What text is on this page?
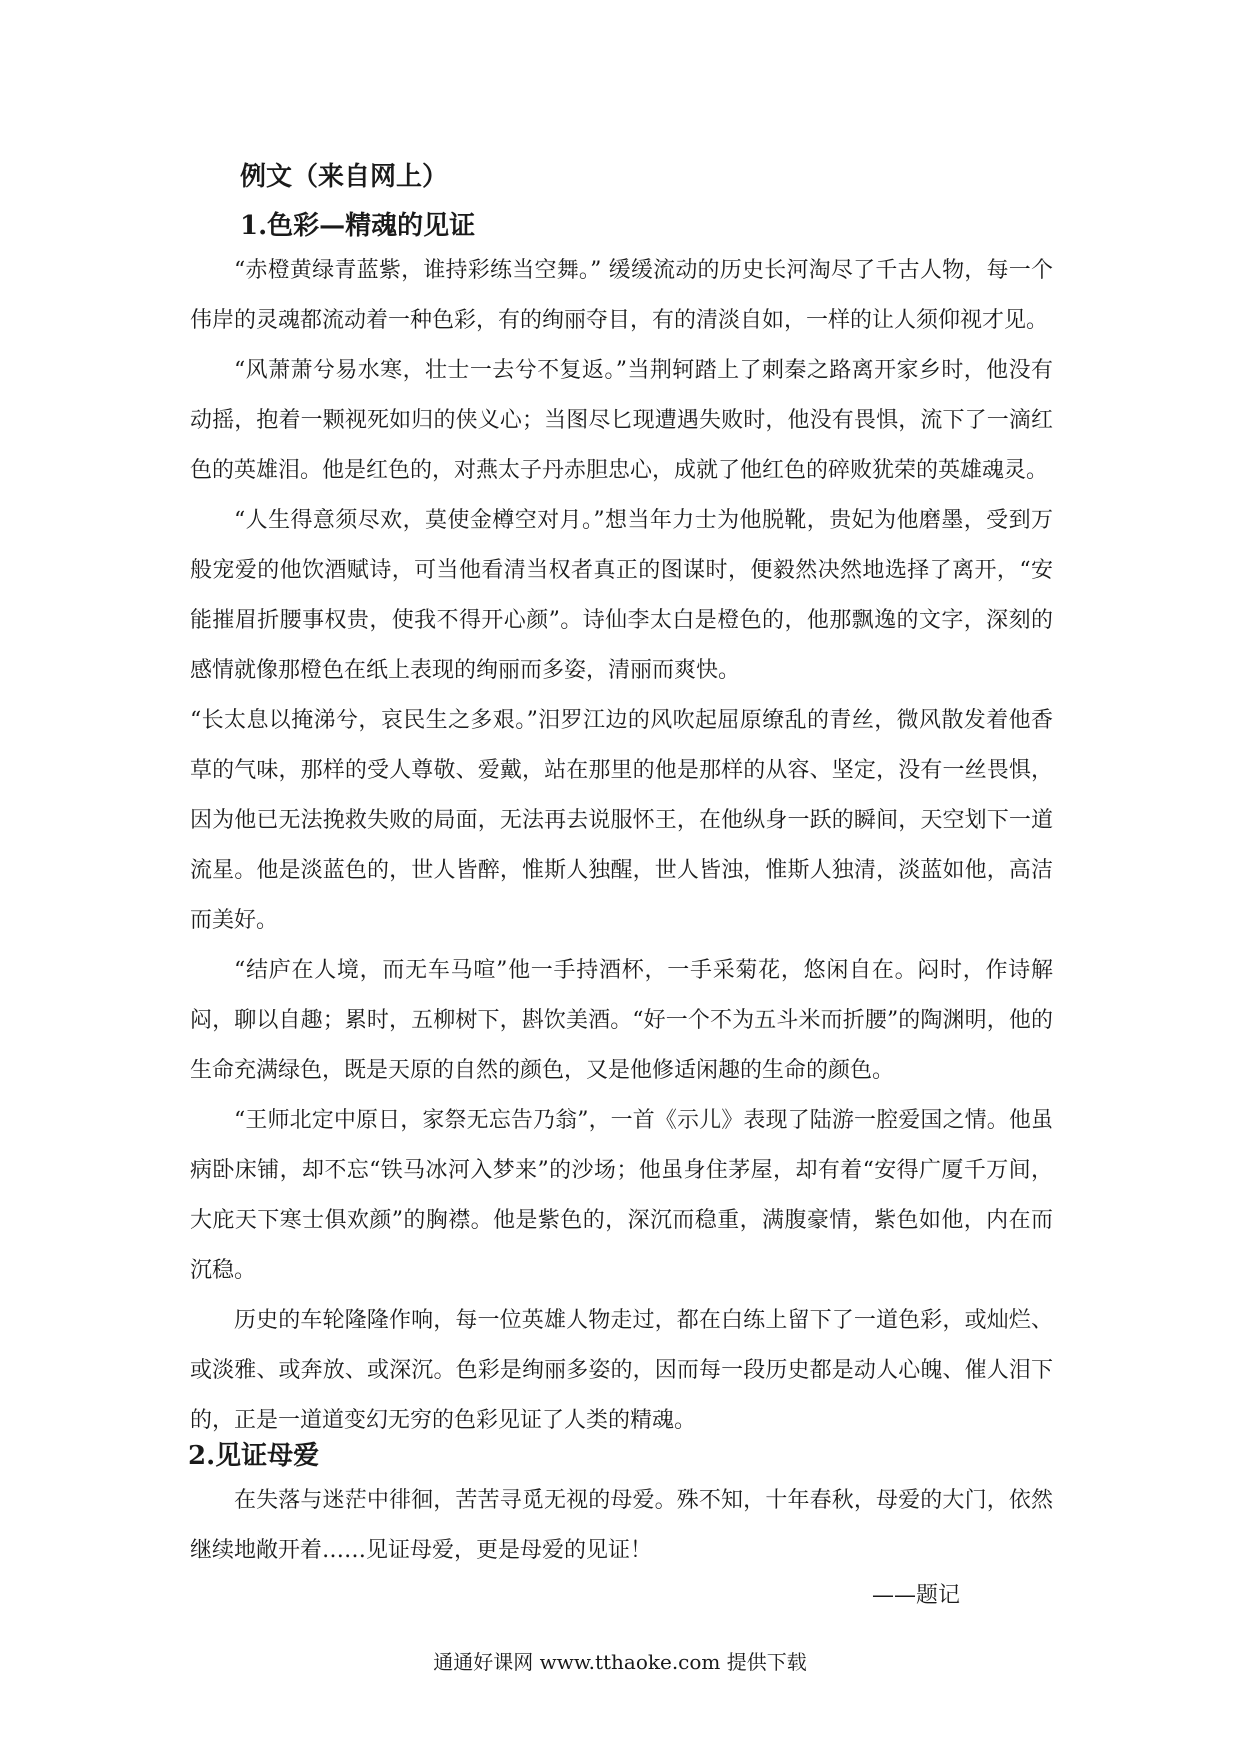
例文（来自网上）
1.色彩—精魂的见证

“赤橙黄绿青蓝紫，谁持彩练当空舞。” 缓缓流动的历史长河淘尽了千古人物，每一个伟岸的灵魂都流动着一种色彩，有的绚丽夺目，有的清淡自如，一样的让人须仰视才见。

“风萧萧兮易水寒，壮士一去兮不复返。”当荆轲踏上了刺秦之路离开家乡时，他没有动摇，抱着一颗视死如归的侠义心；当图尽匕现遭遇失败时，他没有畏惧，流下了一滴红色的英雄泪。他是红色的，对燕太子丹赤胆忠心，成就了他红色的碎败犹荣的英雄魂灵。

“人生得意须尽欢，莫使金樽空对月。”想当年力士为他脱靴，贵妃为他磨墨，受到万般宠爱的他饮酒赋诗，可当他看清当权者真正的图谋时，便毅然决然地选择了离开，“安能摧眉折腰事权贵，使我不得开心颜”。诗仙李太白是橙色的，他那飘逸的文字，深刻的感情就像那橙色在纸上表现的绚丽而多姿，清丽而爽快。

“长太息以掩涕兮，哀民生之多艰。”汨罗江边的风吹起屈原缭乱的青丝，微风散发着他香草的气味，那样的受人尊敬、爱戴，站在那里的他是那样的从容、坚定，没有一丝畏惧，因为他已无法挽救失败的局面，无法再去说服怀王，在他纵身一跃的瞬间，天空划下一道流星。他是淡蓝色的，世人皆醉，惟斯人独醒，世人皆浊，惟斯人独清，淡蓝如他，高洁而美好。

“结庐在人境，而无车马喧”他一手持酒杯，一手采菊花，悠闲自在。闷时，作诗解闷，聊以自趣；累时，五柳树下，斟饮美酒。“好一个不为五斗米而折腰”的陶渊明，他的生命充满绿色，既是天原的自然的颜色，又是他修适闲趣的生命的颜色。

“王师北定中原日，家祭无忘告乃翁”，一首《示儿》表现了陆游一腔爱国之情。他虽病卧床铺，却不忘“铁马冰河入梦来”的沙场；他虽身住茅屋，却有着“安得广厦千万间，大庇天下寒士俱欢颜”的胸襟。他是紫色的，深沉而稳重，满腹豪情，紫色如他，内在而沉稳。

历史的车轮隆隆作响，每一位英雄人物走过，都在白练上留下了一道色彩，或灿烂、或淡雅、或奔放、或深沉。色彩是绚丽多姿的，因而每一段历史都是动人心魄、催人泪下的，正是一道道变幻无穷的色彩见证了人类的精魂。

2.见证母爱

在失落与迷茫中徘徊，苦苦寻觅无视的母爱。殊不知，十年春秋，母爱的大门，依然继续地敞开着……见证母爱，更是母爱的见证！

——题记
通通好课网 www.tthaoke.com 提供下载
